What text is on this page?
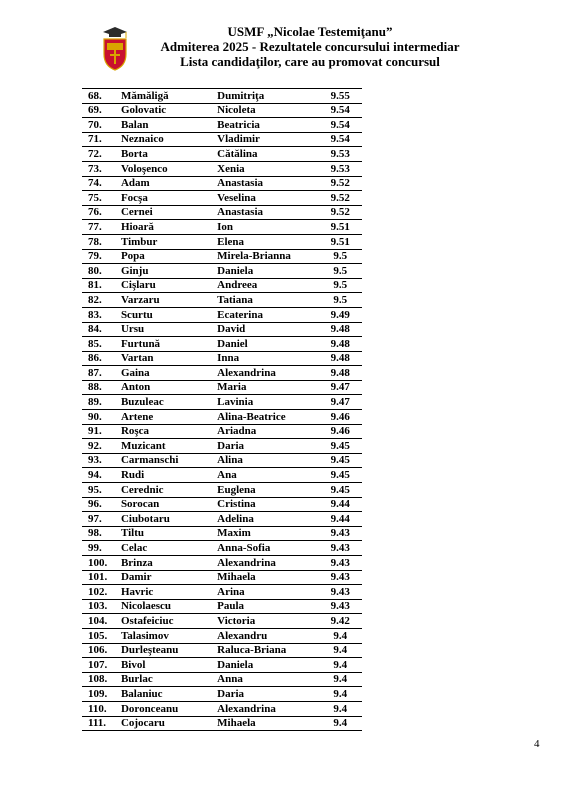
USMF „Nicolae Testemiţanu”
Admiterea 2025 - Rezultatele concursului intermediar
Lista candidaţilor, care au promovat concursul
68.	Mămăligă	Dumitriţa	9.55
69.	Golovatic	Nicoleta	9.54
70.	Balan	Beatricia	9.54
71.	Neznaico	Vladimir	9.54
72.	Borta	Cătălina	9.53
73.	Voloşenco	Xenia	9.53
74.	Adam	Anastasia	9.52
75.	Focşa	Veselina	9.52
76.	Cernei	Anastasia	9.52
77.	Hioară	Ion	9.51
78.	Timbur	Elena	9.51
79.	Popa	Mirela-Brianna	9.5
80.	Ginju	Daniela	9.5
81.	Cişlaru	Andreea	9.5
82.	Varzaru	Tatiana	9.5
83.	Scurtu	Ecaterina	9.49
84.	Ursu	David	9.48
85.	Furtună	Daniel	9.48
86.	Vartan	Inna	9.48
87.	Gaina	Alexandrina	9.48
88.	Anton	Maria	9.47
89.	Buzuleac	Lavinia	9.47
90.	Artene	Alina-Beatrice	9.46
91.	Roşca	Ariadna	9.46
92.	Muzicant	Daria	9.45
93.	Carmanschi	Alina	9.45
94.	Rudi	Ana	9.45
95.	Cerednic	Euglena	9.45
96.	Sorocan	Cristina	9.44
97.	Ciubotaru	Adelina	9.44
98.	Tiltu	Maxim	9.43
99.	Celac	Anna-Sofia	9.43
100.	Brinza	Alexandrina	9.43
101.	Damir	Mihaela	9.43
102.	Havric	Arina	9.43
103.	Nicolaescu	Paula	9.43
104.	Ostafeiciuc	Victoria	9.42
105.	Talasimov	Alexandru	9.4
106.	Durleşteanu	Raluca-Briana	9.4
107.	Bivol	Daniela	9.4
108.	Burlac	Anna	9.4
109.	Balaniuc	Daria	9.4
110.	Doronceanu	Alexandrina	9.4
111.	Cojocaru	Mihaela	9.4
4
